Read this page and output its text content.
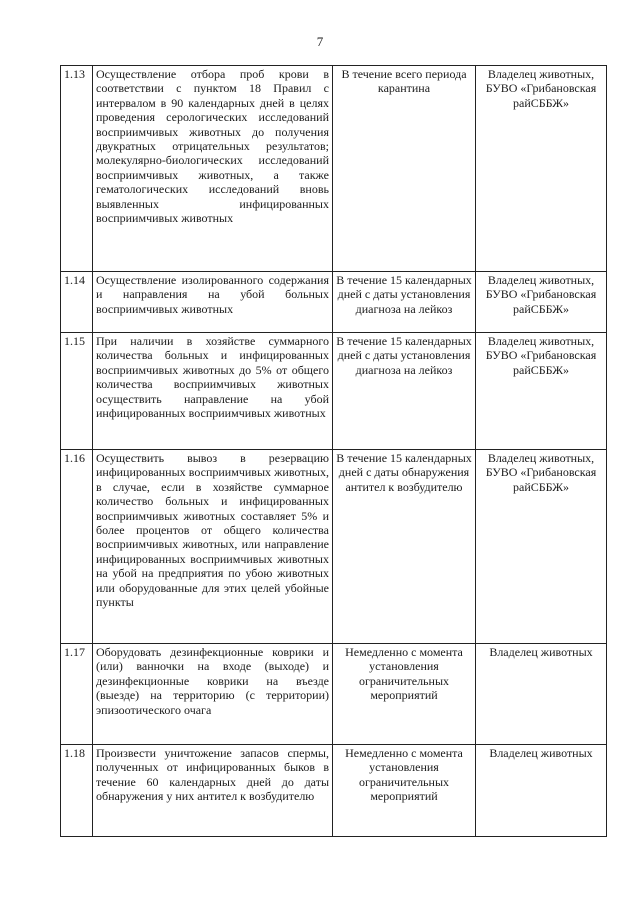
7
1.13	Осуществление отбора проб крови в соответствии с пунктом 18 Правил с интервалом в 90 календарных дней в целях проведения серологических исследований восприимчивых животных до получения двукратных отрицательных результатов; молекулярно-биологических исследований восприимчивых животных, а также гематологических исследований вновь выявленных инфицированных восприимчивых животных	В течение всего периода карантина	Владелец животных, БУВО «Грибановская райСББЖ»
1.14	Осуществление изолированного содержания и направления на убой больных восприимчивых животных	В течение 15 календарных дней с даты установления диагноза на лейкоз	Владелец животных, БУВО «Грибановская райСББЖ»
1.15	При наличии в хозяйстве суммарного количества больных и инфицированных восприимчивых животных до 5% от общего количества восприимчивых животных осуществить направление на убой инфицированных восприимчивых животных	В течение 15 календарных дней с даты установления диагноза на лейкоз	Владелец животных, БУВО «Грибановская райСББЖ»
1.16	Осуществить вывоз в резервацию инфицированных восприимчивых животных, в случае, если в хозяйстве суммарное количество больных и инфицированных восприимчивых животных составляет 5% и более процентов от общего количества восприимчивых животных, или направление инфицированных восприимчивых животных на убой на предприятия по убою животных или оборудованные для этих целей убойные пункты	В течение 15 календарных дней с даты обнаружения антител к возбудителю	Владелец животных, БУВО «Грибановская райСББЖ»
1.17	Оборудовать дезинфекционные коврики и (или) ванночки на входе (выходе) и дезинфекционные коврики на въезде (выезде) на территорию (с территории) эпизоотического очага	Немедленно с момента установления ограничительных мероприятий	Владелец животных
1.18	Произвести уничтожение запасов спермы, полученных от инфицированных быков в течение 60 календарных дней до даты обнаружения у них антител к возбудителю	Немедленно с момента установления ограничительных мероприятий	Владелец животных
